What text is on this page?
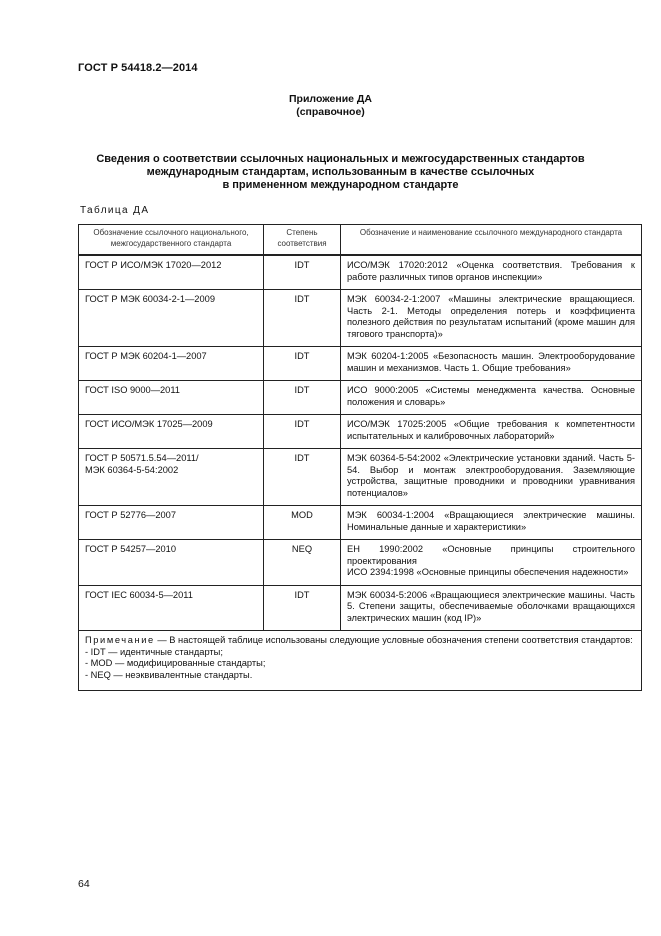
ГОСТ Р 54418.2—2014
Приложение ДА
(справочное)
Сведения о соответствии ссылочных национальных и межгосударственных стандартов
международным стандартам, использованным в качестве ссылочных
в примененном международном стандарте
Таблица ДА
Обозначение ссылочного национального, межгосударственного стандарта	Степень соответствия	Обозначение и наименование ссылочного международного стандарта
ГОСТ Р ИСО/МЭК 17020—2012	IDT	ИСО/МЭК 17020:2012 «Оценка соответствия. Требования к работе различных типов органов инспекции»

ГОСТ Р МЭК 60034-2-1—2009	IDT	МЭК 60034-2-1:2007 «Машины электрические вращающиеся. Часть 2-1. Методы определения потерь и коэффициента полезного действия по результатам испытаний (кроме машин для тягового транспорта)»

ГОСТ Р МЭК 60204-1—2007	IDT	МЭК 60204-1:2005 «Безопасность машин. Электрооборудование машин и механизмов. Часть 1. Общие требования»

ГОСТ ISO 9000—2011	IDT	ИСО 9000:2005 «Системы менеджмента качества. Основные положения и словарь»

ГОСТ ИСО/МЭК 17025—2009	IDT	ИСО/МЭК 17025:2005 «Общие требования к компетентности испытательных и калибровочных лабораторий»

ГОСТ Р 50571.5.54—2011/
МЭК 60364-5-54:2002	IDT	МЭК 60364-5-54:2002 «Электрические установки зданий. Часть 5-54. Выбор и монтаж электрооборудования. Заземляющие устройства, защитные проводники и проводники уравнивания потенциалов»

ГОСТ Р 52776—2007	MOD	МЭК 60034-1:2004 «Вращающиеся электрические машины. Номинальные данные и характеристики»

ГОСТ Р 54257—2010	NEQ	ЕН 1990:2002 «Основные принципы строительного проектирования
ИСО 2394:1998 «Основные принципы обеспечения надежности»

ГОСТ IEC 60034-5—2011	IDT	МЭК 60034-5:2006 «Вращающиеся электрические машины. Часть 5. Степени защиты, обеспечиваемые оболочками вращающихся электрических машин (код IP)»

Примечание — В настоящей таблице использованы следующие условные обозначения степени соответствия стандартов:
- IDT — идентичные стандарты;
- MOD — модифицированные стандарты;
- NEQ — неэквивалентные стандарты.		
64
